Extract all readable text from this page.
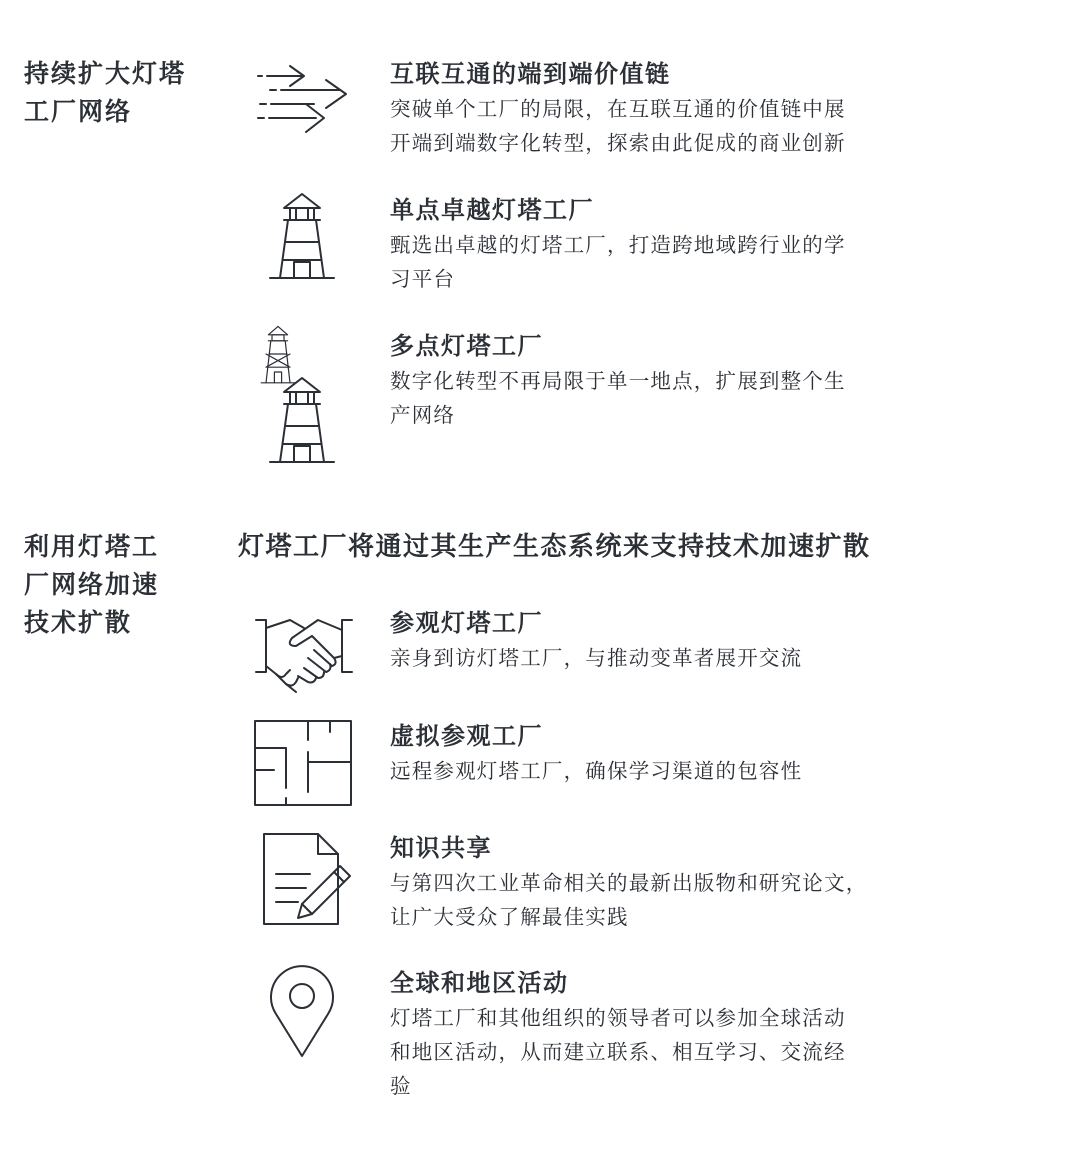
持续扩大灯塔
工厂网络
互联互通的端到端价值链
突破单个工厂的局限，在互联互通的价值链中展
开端到端数字化转型，探索由此促成的商业创新
单点卓越灯塔工厂
甄选出卓越的灯塔工厂，打造跨地域跨行业的学
习平台
多点灯塔工厂
数字化转型不再局限于单一地点，扩展到整个生
产网络
利用灯塔工
厂网络加速
技术扩散
灯塔工厂将通过其生产生态系统来支持技术加速扩散
参观灯塔工厂
亲身到访灯塔工厂，与推动变革者展开交流
虚拟参观工厂
远程参观灯塔工厂，确保学习渠道的包容性
知识共享
与第四次工业革命相关的最新出版物和研究论文，
让广大受众了解最佳实践
全球和地区活动
灯塔工厂和其他组织的领导者可以参加全球活动
和地区活动，从而建立联系、相互学习、交流经
验
